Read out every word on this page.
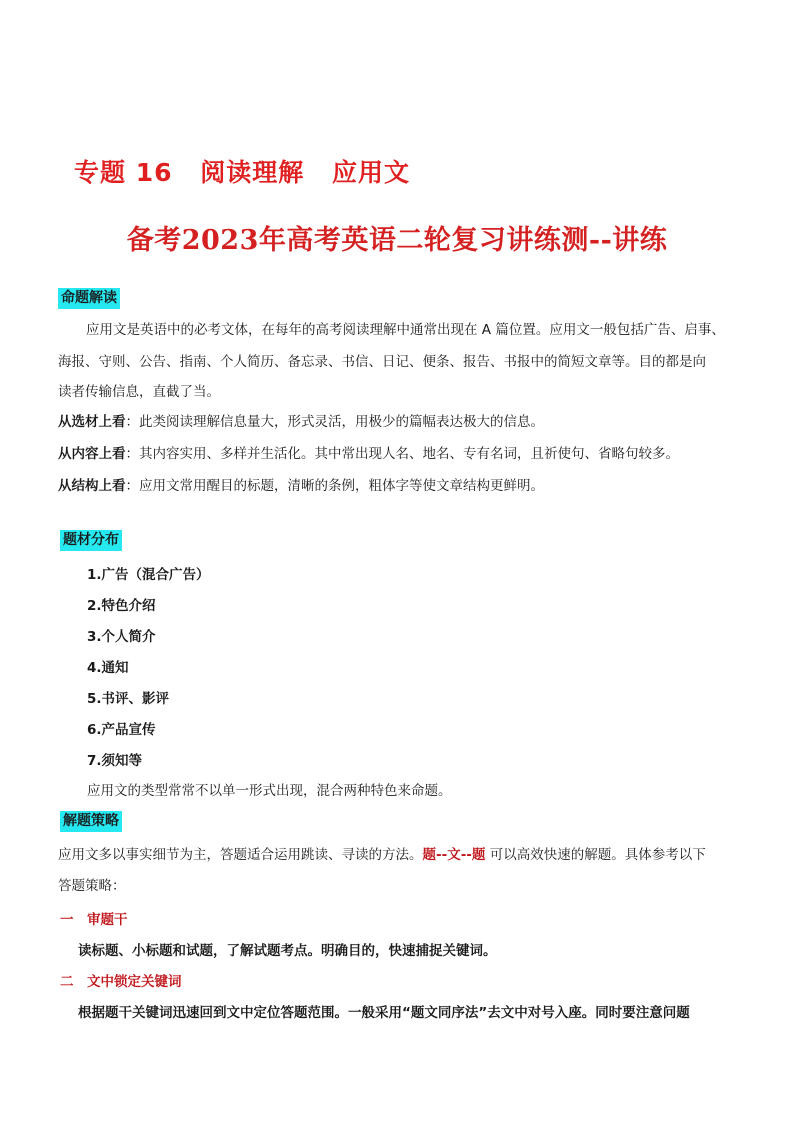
专题 16 阅读理解 应用文
备考2023年高考英语二轮复习讲练测--讲练
命题解读
应用文是英语中的必考文体，在每年的高考阅读理解中通常出现在 A 篇位置。应用文一般包括广告、启事、
海报、守则、公告、指南、个人简历、备忘录、书信、日记、便条、报告、书报中的简短文章等。目的都是向
读者传输信息，直截了当。
从选材上看：此类阅读理解信息量大，形式灵活，用极少的篇幅表达极大的信息。
从内容上看：其内容实用、多样并生活化。其中常出现人名、地名、专有名词，且祈使句、省略句较多。
从结构上看：应用文常用醒目的标题，清晰的条例，粗体字等使文章结构更鲜明。
题材分布
1.广告（混合广告）
2.特色介绍
3.个人简介
4.通知
5.书评、影评
6.产品宣传
7.须知等
应用文的类型常常不以单一形式出现，混合两种特色来命题。
解题策略
应用文多以事实细节为主，答题适合运用跳读、寻读的方法。题--文--题 可以高效快速的解题。具体参考以下
答题策略：
一　审题干
读标题、小标题和试题，了解试题考点。明确目的，快速捕捉关键词。
二　文中锁定关键词
根据题干关键词迅速回到文中定位答题范围。一般采用“题文同序法”去文中对号入座。同时要注意问题
